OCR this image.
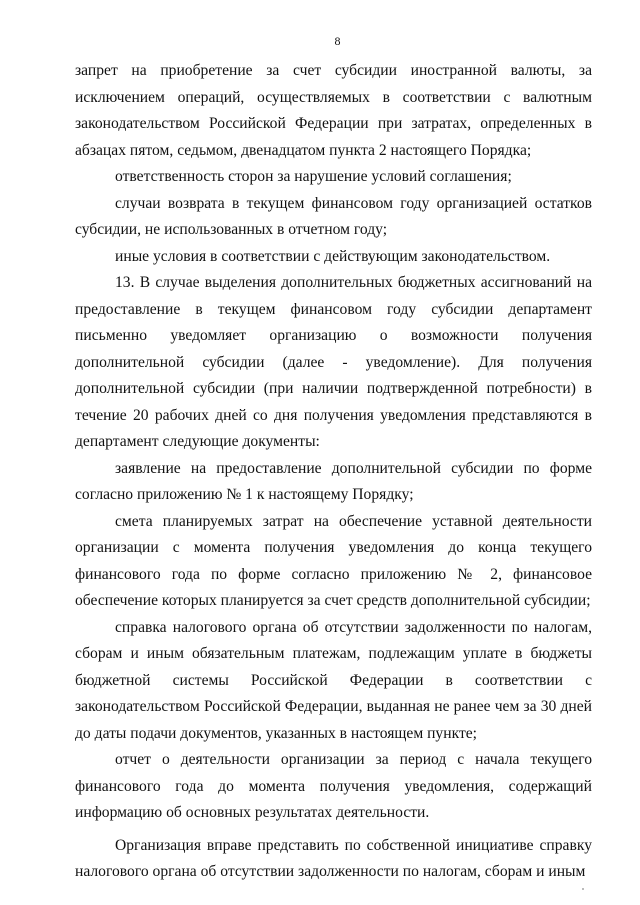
8

запрет на приобретение за счет субсидии иностранной валюты, за исключением операций, осуществляемых в соответствии с валютным законодательством Российской Федерации при затратах, определенных в абзацах пятом, седьмом, двенадцатом пункта 2 настоящего Порядка;

ответственность сторон за нарушение условий соглашения;

случаи возврата в текущем финансовом году организацией остатков субсидии, не использованных в отчетном году;

иные условия в соответствии с действующим законодательством.

13. В случае выделения дополнительных бюджетных ассигнований на предоставление в текущем финансовом году субсидии департамент письменно уведомляет организацию о возможности получения дополнительной субсидии (далее - уведомление). Для получения дополнительной субсидии (при наличии подтвержденной потребности) в течение 20 рабочих дней со дня получения уведомления представляются в департамент следующие документы:

заявление на предоставление дополнительной субсидии по форме согласно приложению № 1 к настоящему Порядку;

смета планируемых затрат на обеспечение уставной деятельности организации с момента получения уведомления до конца текущего финансового года по форме согласно приложению № 2, финансовое обеспечение которых планируется за счет средств дополнительной субсидии;

справка налогового органа об отсутствии задолженности по налогам, сборам и иным обязательным платежам, подлежащим уплате в бюджеты бюджетной системы Российской Федерации в соответствии с законодательством Российской Федерации, выданная не ранее чем за 30 дней до даты подачи документов, указанных в настоящем пункте;

отчет о деятельности организации за период с начала текущего финансового года до момента получения уведомления, содержащий информацию об основных результатах деятельности.

Организация вправе представить по собственной инициативе справку налогового органа об отсутствии задолженности по налогам, сборам и иным
